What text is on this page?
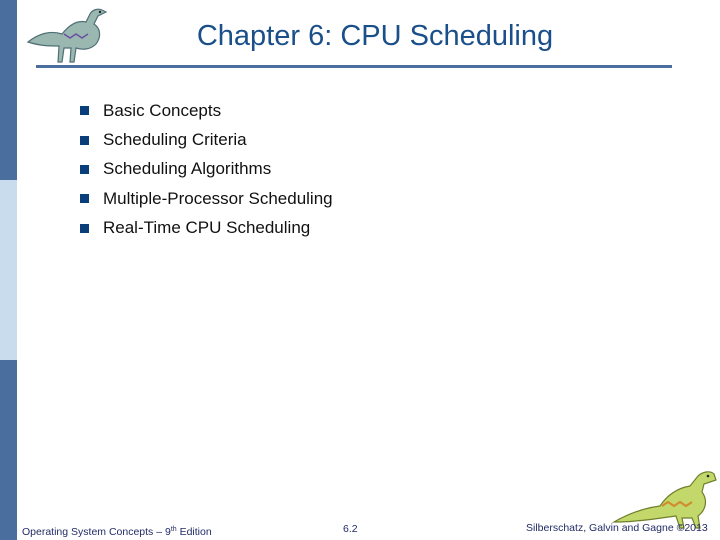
Chapter 6: CPU Scheduling
Basic Concepts
Scheduling Criteria
Scheduling Algorithms
Multiple-Processor Scheduling
Real-Time CPU Scheduling
Operating System Concepts – 9th Edition	6.2	Silberschatz, Galvin and Gagne ©2013
